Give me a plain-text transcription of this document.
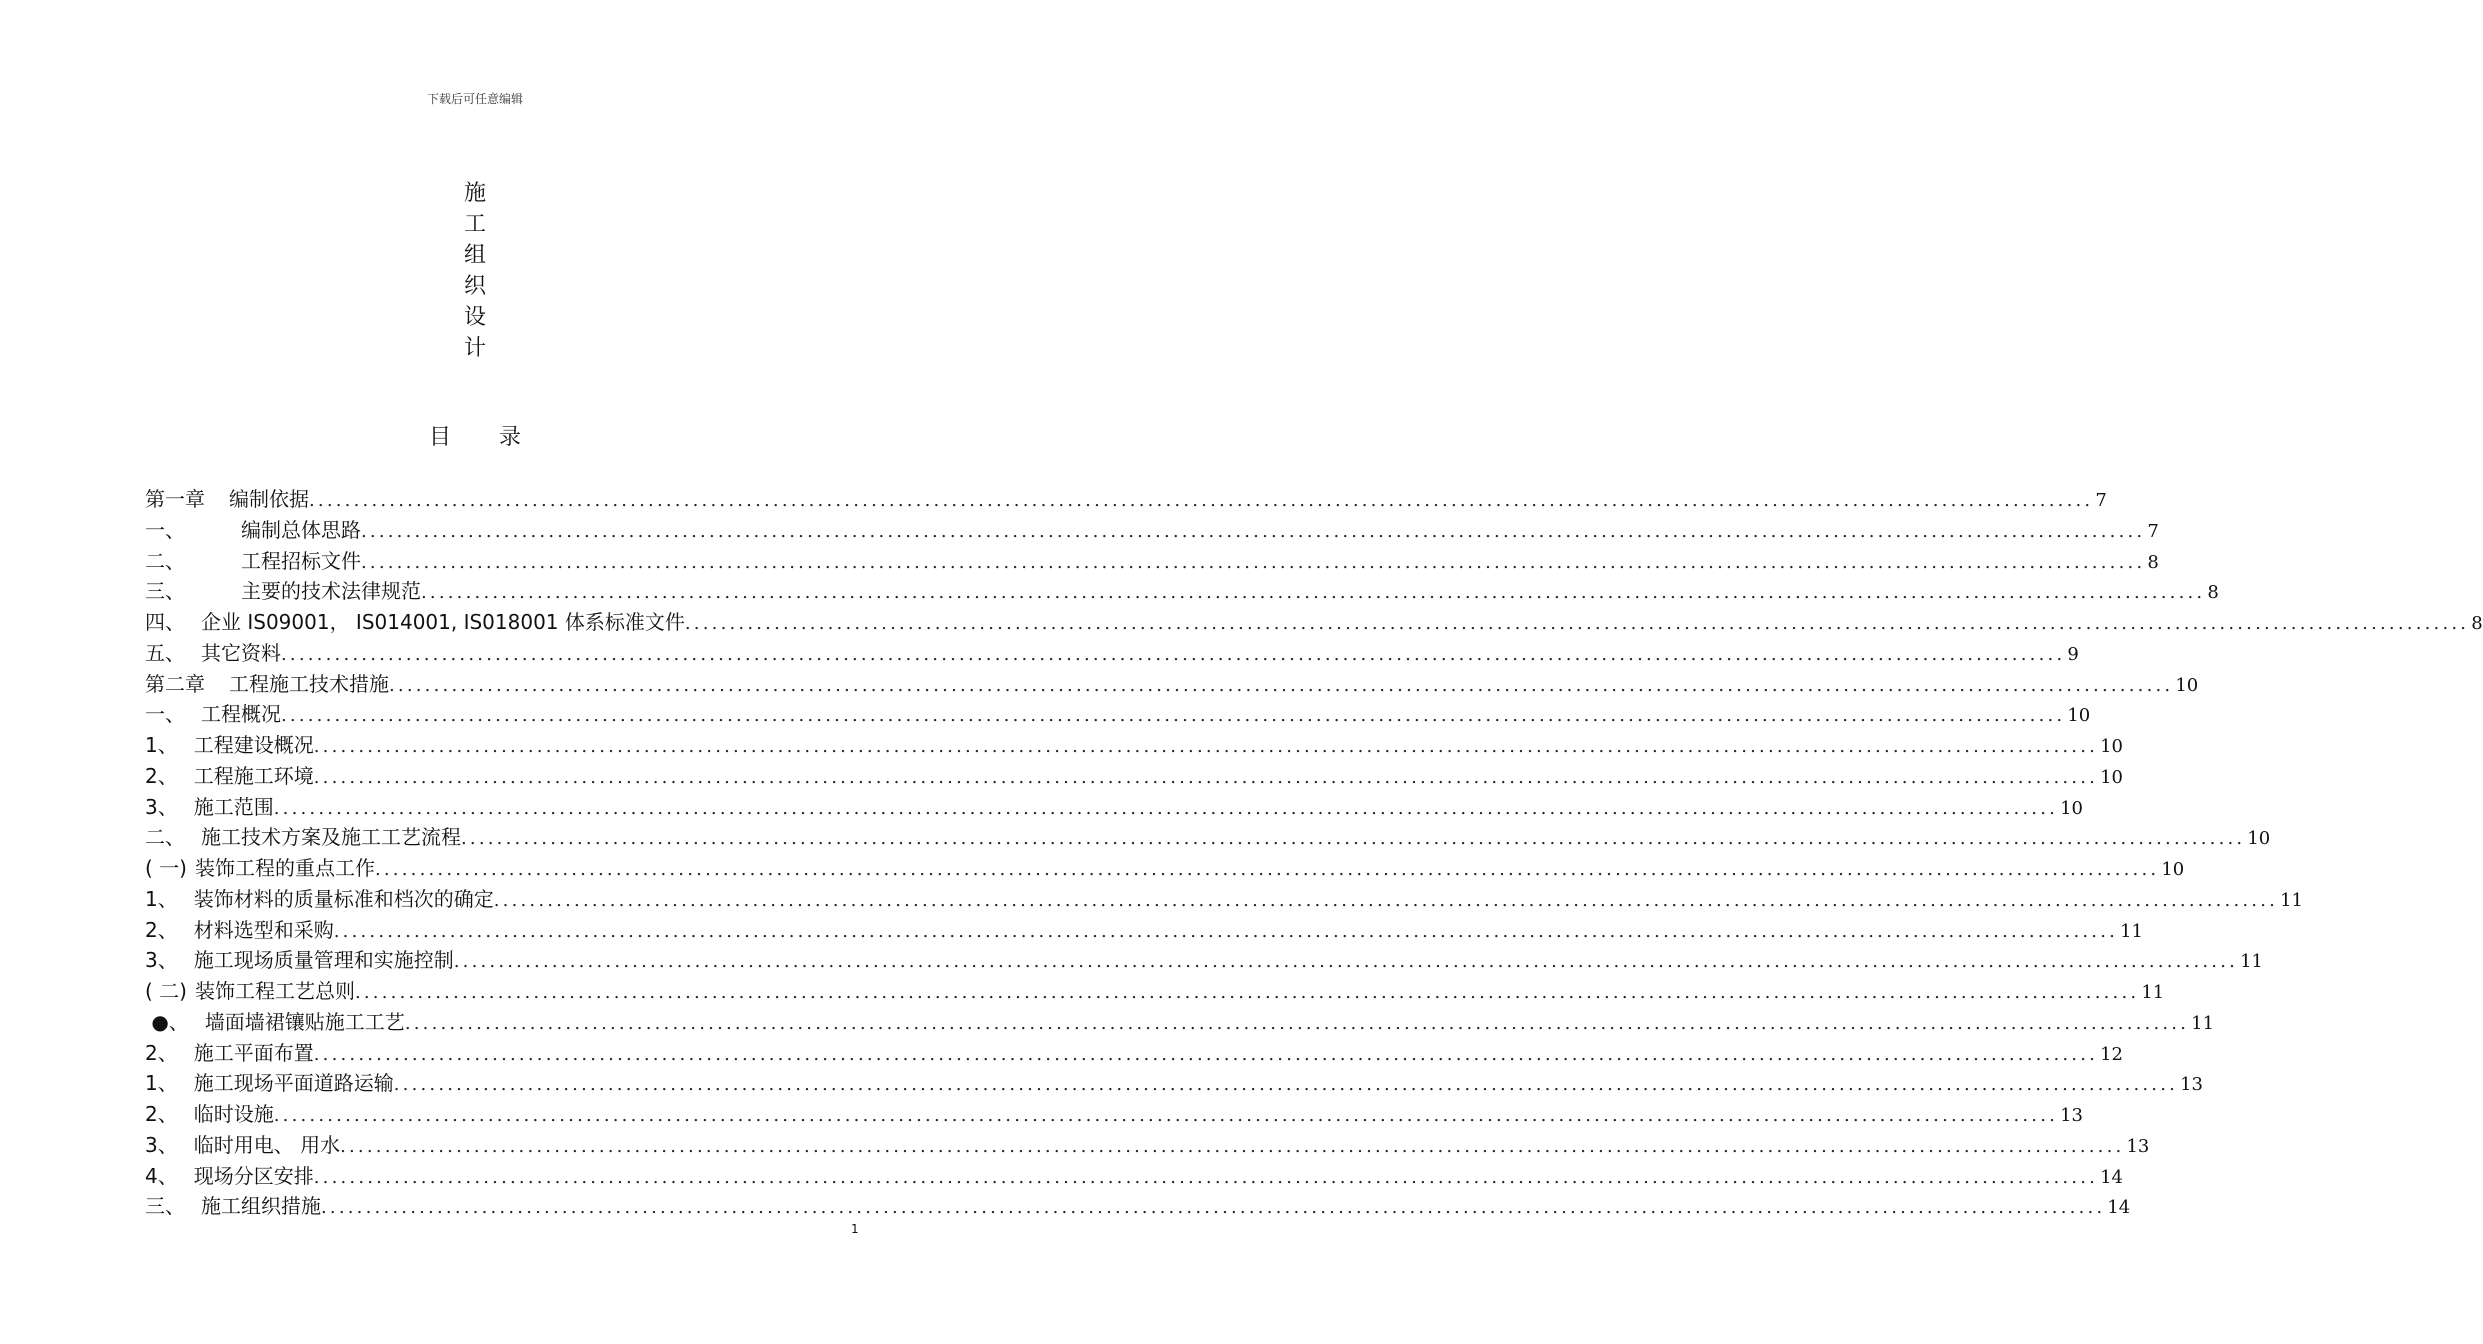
下载后可任意编辑
施
工
组
织
设
计
目 录
第一章 编制依据 ........................................................................................................................................................................................................ 7
一、	编制总体思路 ........................................................................................................................................................................................................ 7
二、	工程招标文件 ........................................................................................................................................................................................................ 8
三、	主要的技术法律规范 ........................................................................................................................................................................................................ 8
四、 企业 IS09001， IS014001, IS018001 体系标准文件 ........................................................................................................................................................................................................ 8
五、 其它资料 ........................................................................................................................................................................................................ 9
第二章 工程施工技术措施 ........................................................................................................................................................................................................ 10
一、 工程概况 ........................................................................................................................................................................................................ 10
1、 工程建设概况 ........................................................................................................................................................................................................ 10
2、 工程施工环境 ........................................................................................................................................................................................................ 10
3、 施工范围 ........................................................................................................................................................................................................ 10
二、 施工技术方案及施工工艺流程 ........................................................................................................................................................................................................ 10
( 一) 装饰工程的重点工作 ........................................................................................................................................................................................................ 10
1、 装饰材料的质量标准和档次的确定 ........................................................................................................................................................................................................ 11
2、 材料选型和采购 ........................................................................................................................................................................................................ 11
3、 施工现场质量管理和实施控制 ........................................................................................................................................................................................................ 11
( 二) 装饰工程工艺总则 ........................................................................................................................................................................................................ 11
●、 墙面墙裙镶贴施工工艺 ........................................................................................................................................................................................................ 11
2、 施工平面布置 ........................................................................................................................................................................................................ 12
1、 施工现场平面道路运输 ........................................................................................................................................................................................................ 13
2、 临时设施 ........................................................................................................................................................................................................ 13
3、 临时用电、 用水 ........................................................................................................................................................................................................ 13
4、 现场分区安排 ........................................................................................................................................................................................................ 14
三、 施工组织措施 ........................................................................................................................................................................................................ 14
1
